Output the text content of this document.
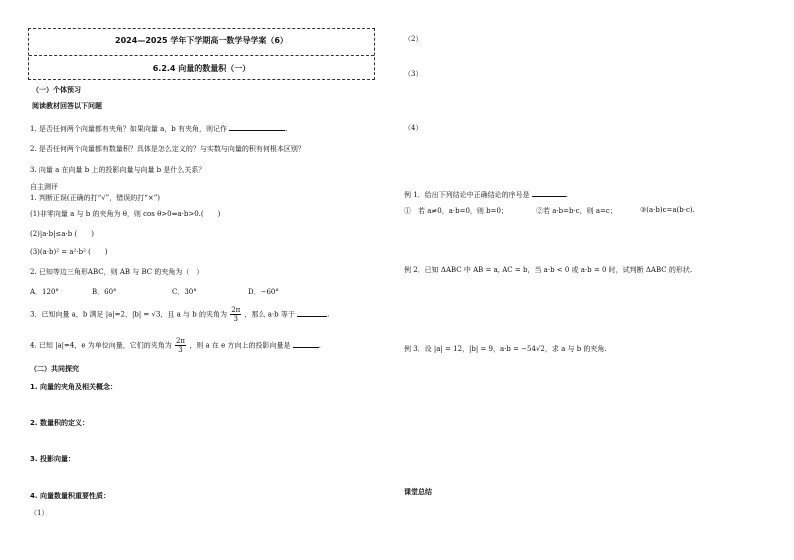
2024—2025 学年下学期高一数学导学案（6）
6.2.4 向量的数量积（一）
（一）个体预习
阅读教材回答以下问题
1. 是否任何两个向量都有夹角？如果向量 a，b 有夹角，则记作	.
2. 是否任何两个向量都有数量积？具体是怎么定义的？与实数与向量的积有何根本区别？
3. 向量 a 在向量 b 上的投影向量与向量 b 是什么关系？
自主测评
1. 判断正误(正确的打“√”，错误的打“×”)
(1)非零向量 a 与 b 的夹角为 θ，则 cos θ>0⇔a·b>0.(　　)
(2)|a·b|≤a·b (　　)
(3)(a·b)² = a²·b² (　　)
2. 已知等边三角形ABC，则 AB 与 BC 的夹角为（　）
A．120°	B．60°	C．30°	D．−60°
3．已知向量 a，b 满足 |a|=2，|b| = √3，且 a 与 b 的夹角为 $\frac{2\pi}{3}$ ，那么 a·b 等于	.
4. 已知 |a|=4，e 为单位向量，它们的夹角为 $\frac{2\pi}{3}$ ，则 a 在 e 方向上的投影向量是	.
（二）共同探究
1. 向量的夹角及相关概念：
2. 数量积的定义：
3. 投影向量：
4. 向量数量积重要性质：
（1）
（2）
（3）
（4）
例 1．给出下列结论中正确结论的序号是	.
①　若 a≠0，a·b=0，则 b=0；	②若 a·b=b·c，则 a=c；	③(a·b)c=a(b·c).
例 2．已知 ΔABC 中 AB = a, AC = b，当 a·b < 0 或 a·b = 0 时，试判断 ΔABC 的形状.
例 3．设 |a| = 12，|b| = 9，a·b = −54√2，求 a 与 b 的夹角.
课堂总结
